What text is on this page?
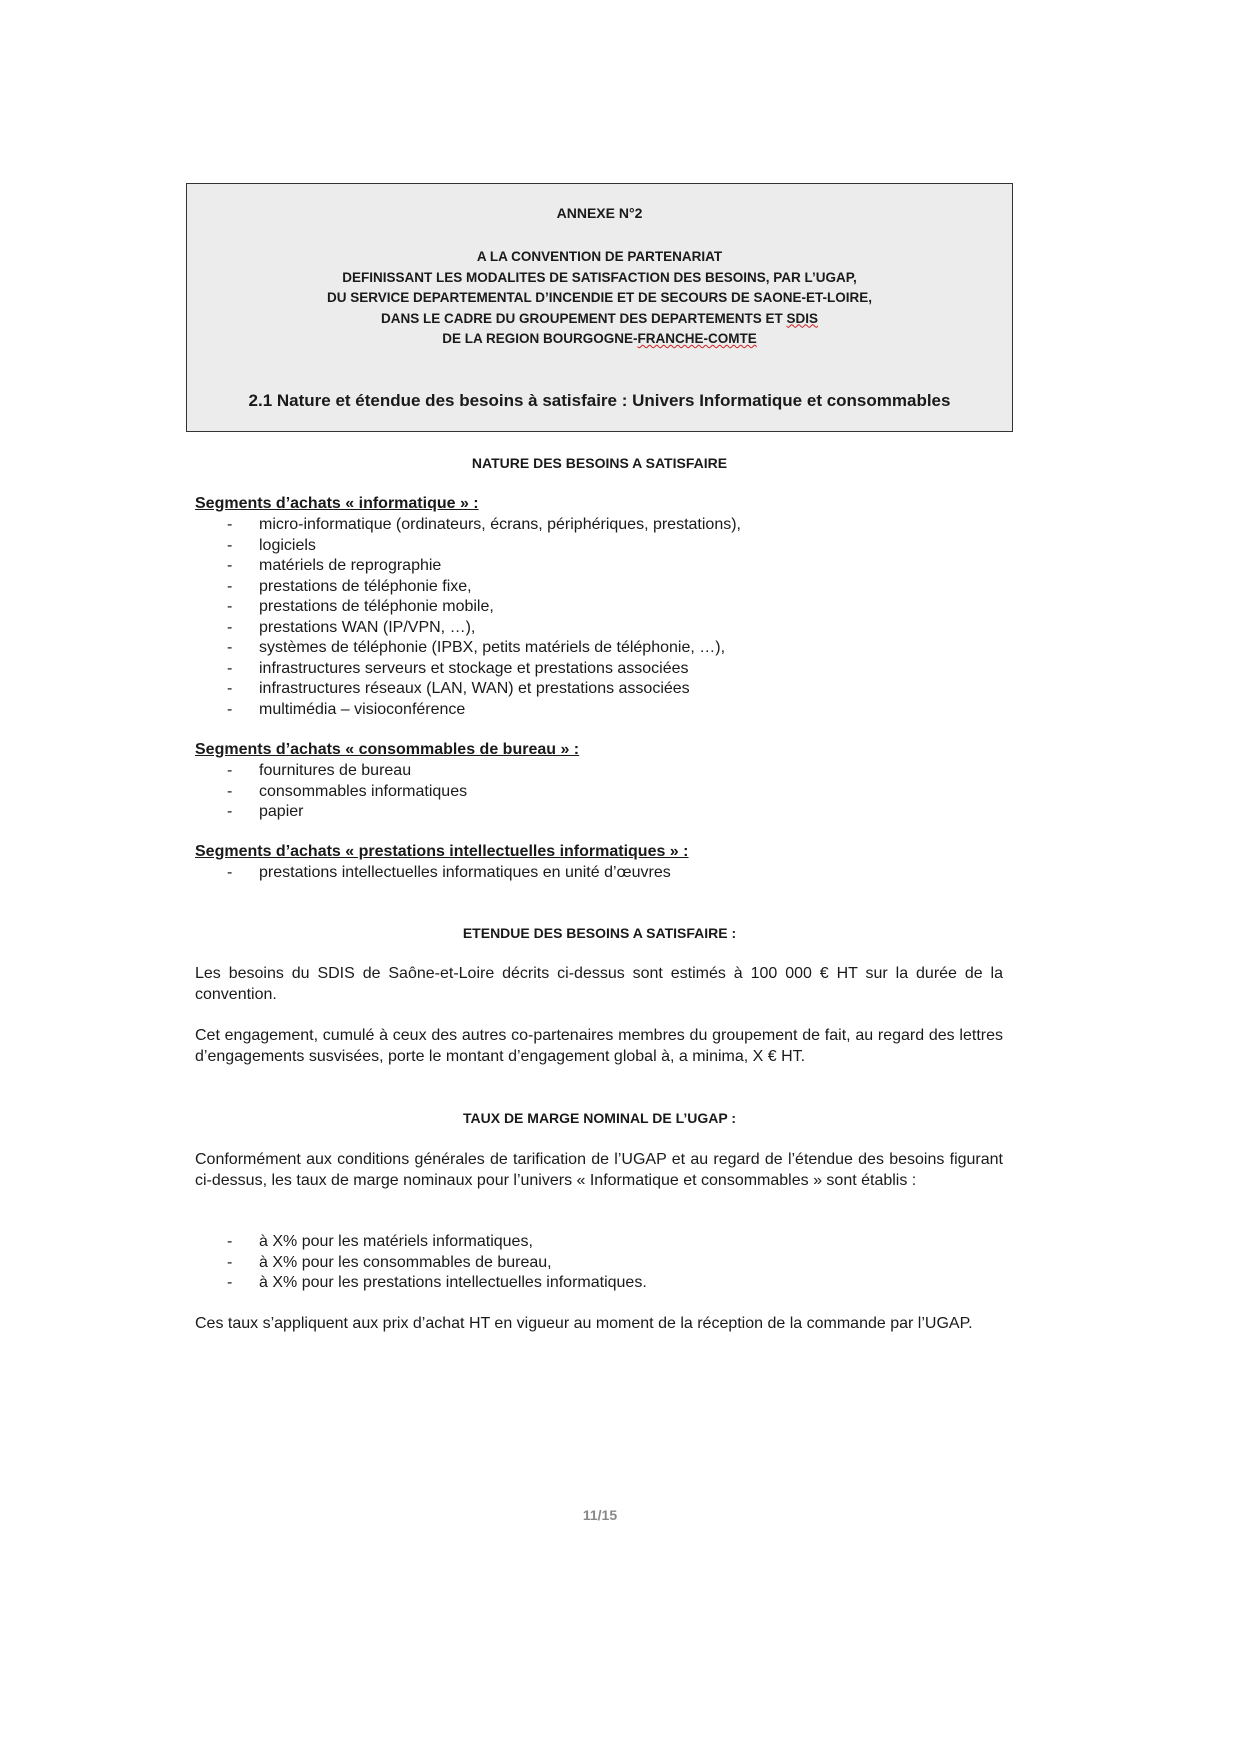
ANNEXE N°2
A LA CONVENTION DE PARTENARIAT
DEFINISSANT LES MODALITES DE SATISFACTION DES BESOINS, PAR L’UGAP,
DU SERVICE DEPARTEMENTAL D’INCENDIE ET DE SECOURS DE SAONE-ET-LOIRE,
DANS LE CADRE DU GROUPEMENT DES DEPARTEMENTS ET SDIS
DE LA REGION BOURGOGNE-FRANCHE-COMTE
2.1 Nature et étendue des besoins à satisfaire : Univers Informatique et consommables
NATURE DES BESOINS A SATISFAIRE
Segments d’achats « informatique » :
- micro-informatique (ordinateurs, écrans, périphériques, prestations),
- logiciels
- matériels de reprographie
- prestations de téléphonie fixe,
- prestations de téléphonie mobile,
- prestations WAN (IP/VPN, …),
- systèmes de téléphonie (IPBX, petits matériels de téléphonie, …),
- infrastructures serveurs et stockage et prestations associées
- infrastructures réseaux (LAN, WAN) et prestations associées
- multimédia – visioconférence
Segments d’achats « consommables de bureau » :
- fournitures de bureau
- consommables informatiques
- papier
Segments d’achats « prestations intellectuelles informatiques » :
- prestations intellectuelles informatiques en unité d’œuvres
ETENDUE DES BESOINS A SATISFAIRE :

Les besoins du SDIS de Saône-et-Loire décrits ci-dessus sont estimés à 100 000 € HT sur la durée de la convention.

Cet engagement, cumulé à ceux des autres co-partenaires membres du groupement de fait, au regard des lettres d’engagements susvisées, porte le montant d’engagement global à, a minima, X € HT.

TAUX DE MARGE NOMINAL DE L’UGAP :

Conformément aux conditions générales de tarification de l’UGAP et au regard de l’étendue des besoins figurant ci-dessus, les taux de marge nominaux pour l’univers « Informatique et consommables » sont établis :

- à X% pour les matériels informatiques,
- à X% pour les consommables de bureau,
- à X% pour les prestations intellectuelles informatiques.

Ces taux s’appliquent aux prix d’achat HT en vigueur au moment de la réception de la commande par l’UGAP.

11/15
